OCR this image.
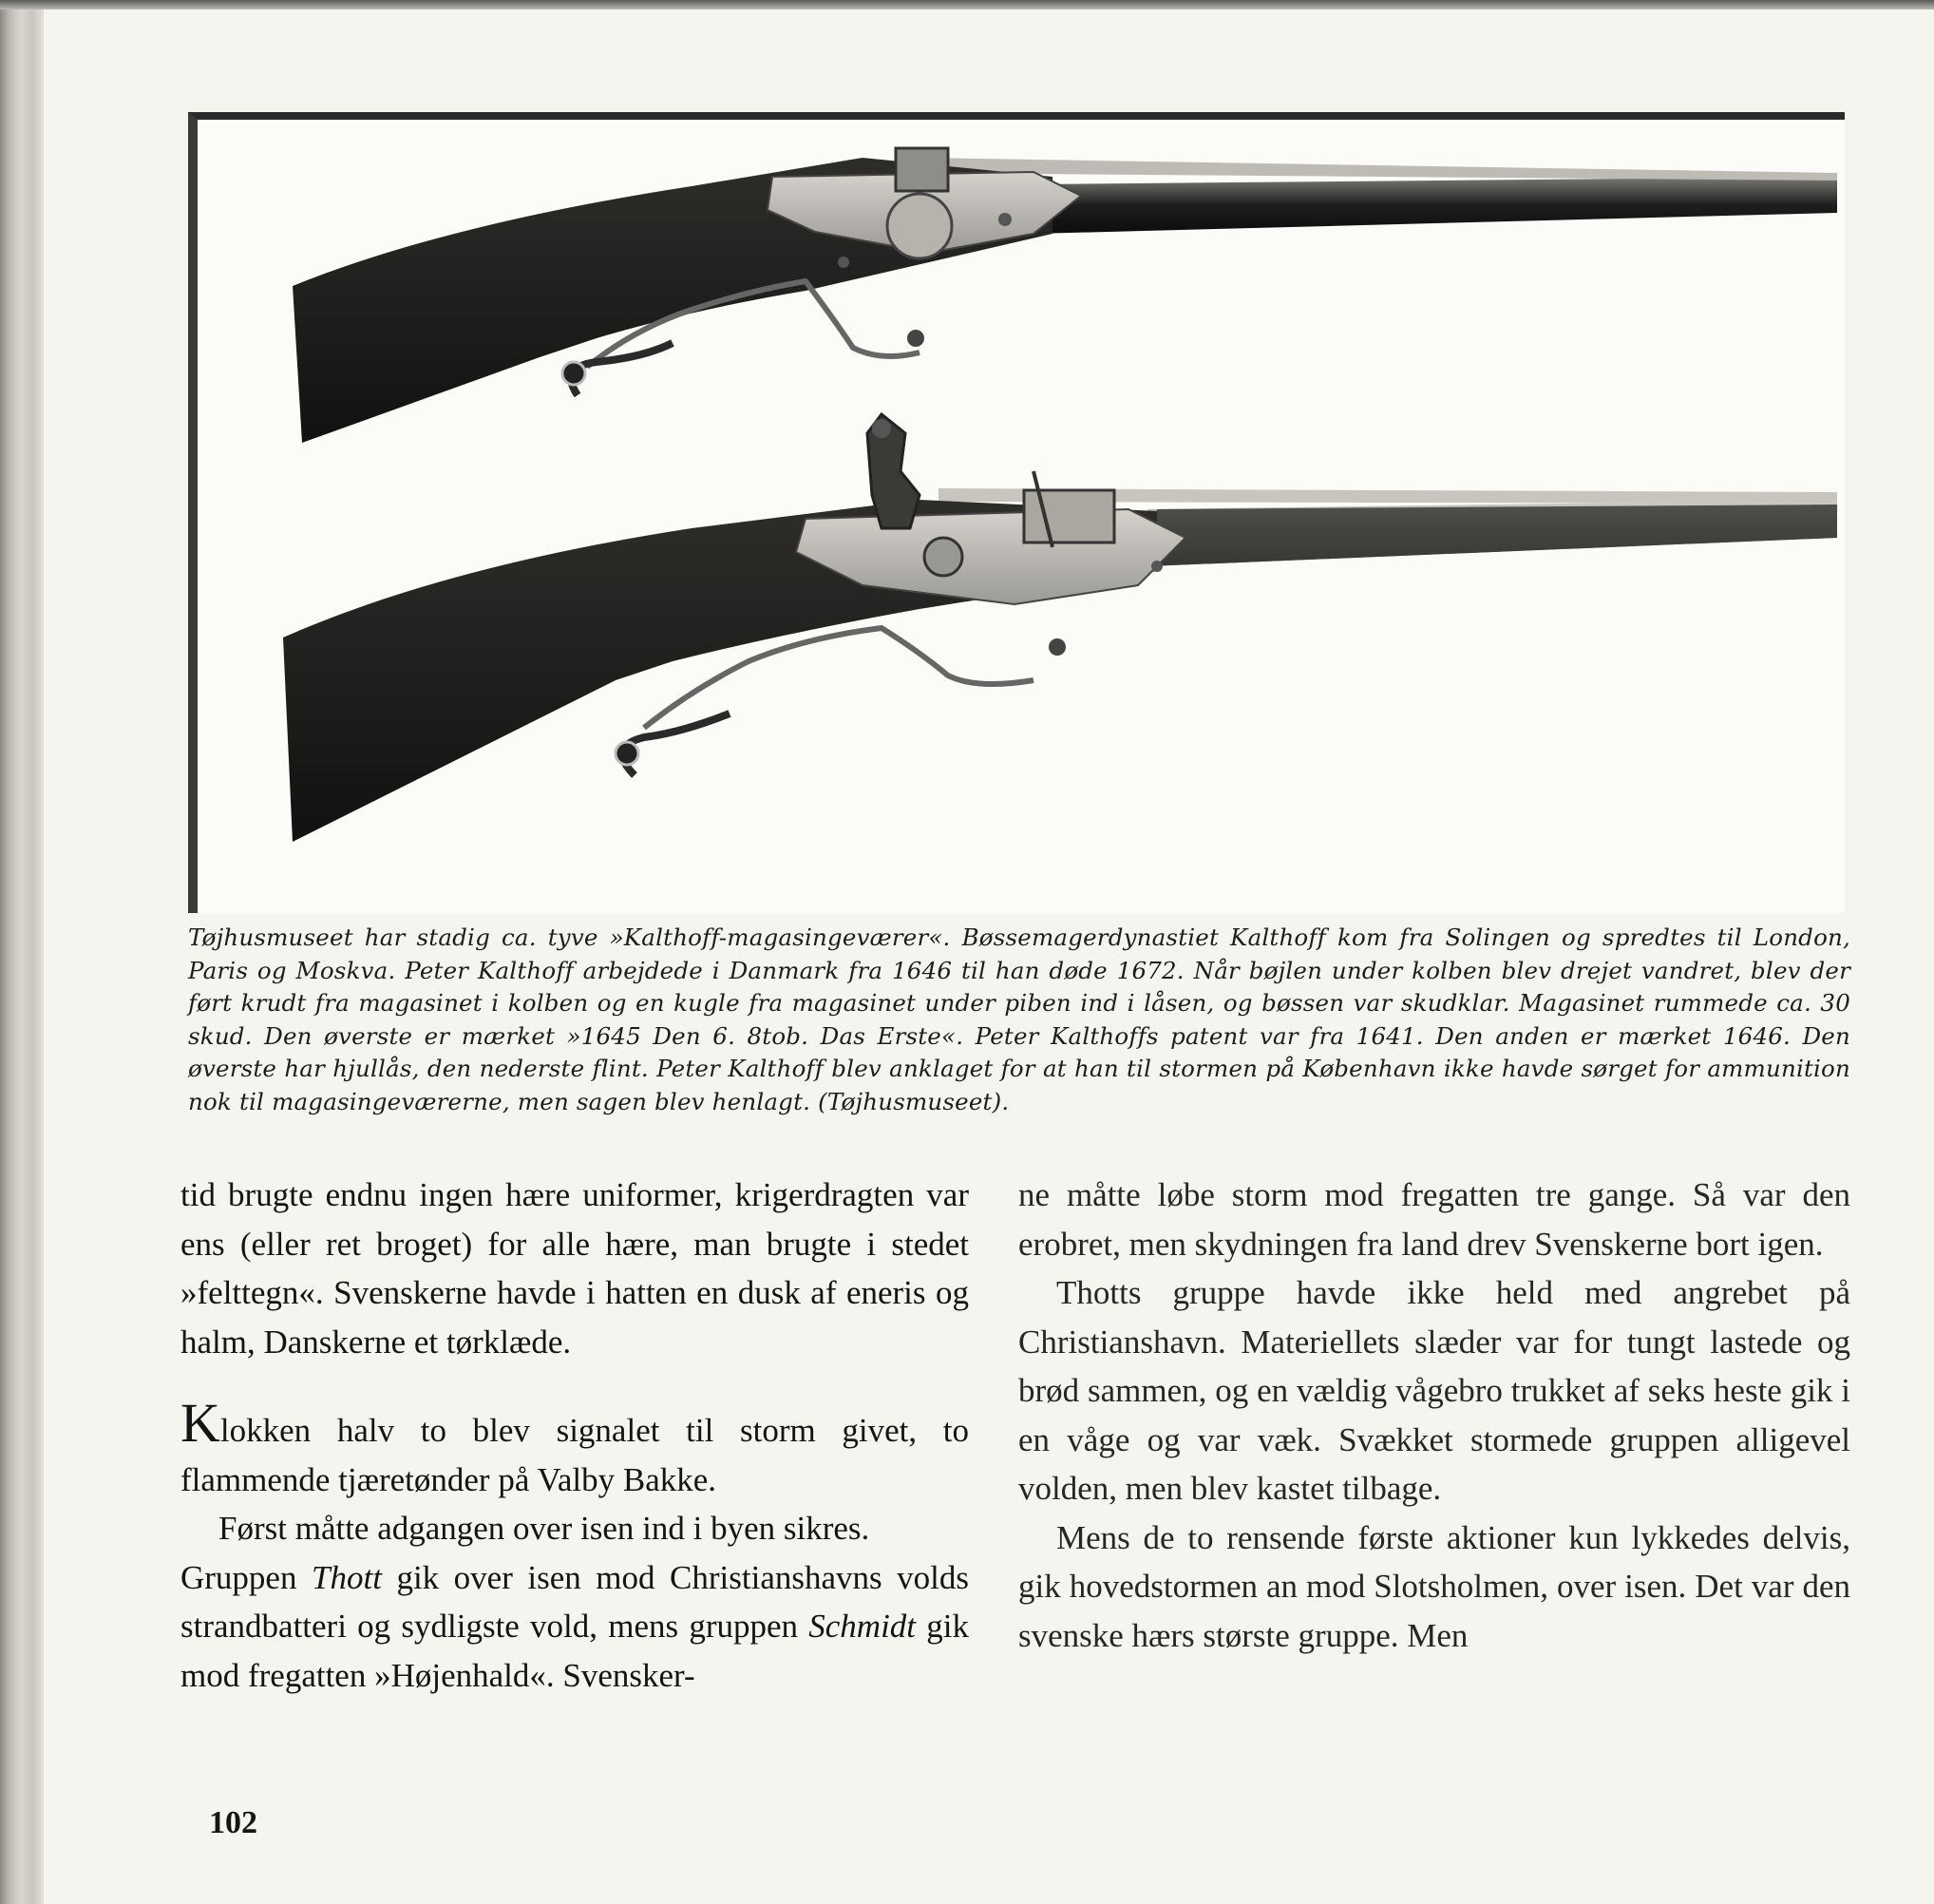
Tøjhusmuseet har stadig ca. tyve »Kalthoff-magasingeværer«. Bøssemagerdynastiet Kalthoff kom fra Solingen og spredtes til London, Paris og Moskva. Peter Kalthoff arbejdede i Danmark fra 1646 til han døde 1672. Når bøjlen under kolben blev drejet vandret, blev der ført krudt fra magasinet i kolben og en kugle fra magasinet under piben ind i låsen, og bøssen var skudklar. Magasinet rummede ca. 30 skud. Den øverste er mærket »1645 Den 6. 8tob. Das Erste«. Peter Kalthoffs patent var fra 1641. Den anden er mærket 1646. Den øverste har hjullås, den nederste flint. Peter Kalthoff blev anklaget for at han til stormen på København ikke havde sørget for ammunition nok til magasingeværerne, men sagen blev henlagt. (Tøjhusmuseet).

tid brugte endnu ingen hære uniformer, krigerdragten var ens (eller ret broget) for alle hære, man brugte i stedet »felttegn«. Svenskerne havde i hatten en dusk af eneris og halm, Danskerne et tørklæde.

Klokken halv to blev signalet til storm givet, to flammende tjæretønder på Valby Bakke.

Først måtte adgangen over isen ind i byen sikres.

Gruppen Thott gik over isen mod Christianshavns volds strandbatteri og sydligste vold, mens gruppen Schmidt gik mod fregatten »Højenhald«. Svensker-

ne måtte løbe storm mod fregatten tre gange. Så var den erobret, men skydningen fra land drev Svenskerne bort igen.

Thotts gruppe havde ikke held med angrebet på Christianshavn. Materiellets slæder var for tungt lastede og brød sammen, og en vældig vågebro trukket af seks heste gik i en våge og var væk. Svækket stormede gruppen alligevel volden, men blev kastet tilbage.

Mens de to rensende første aktioner kun lykkedes delvis, gik hovedstormen an mod Slotsholmen, over isen. Det var den svenske hærs største gruppe. Men

102
